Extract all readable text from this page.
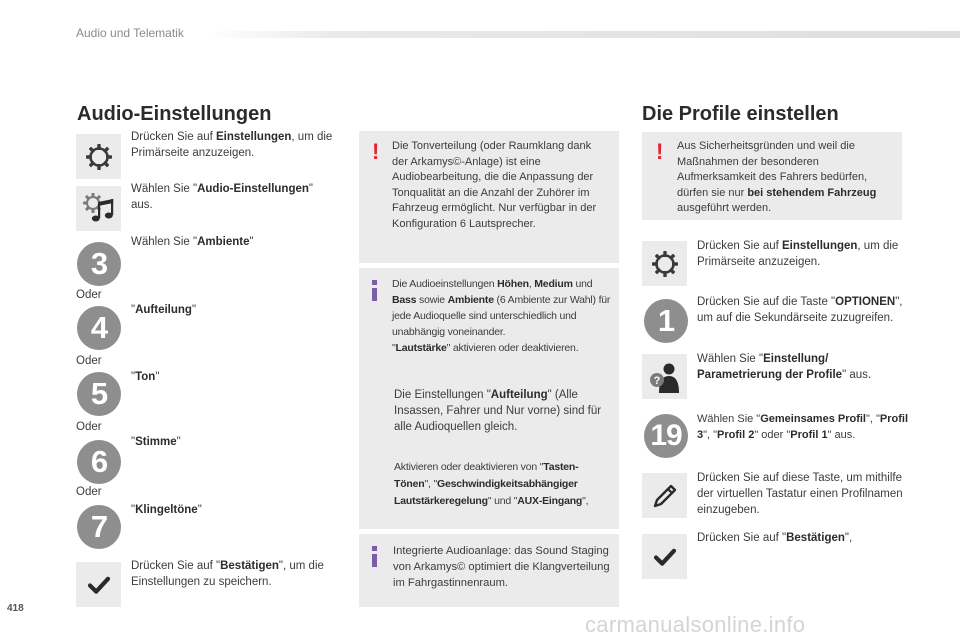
Audio und Telematik
Audio-Einstellungen
Drücken Sie auf Einstellungen, um die Primärseite anzuzeigen.
Wählen Sie "Audio-Einstellungen" aus.
3
Wählen Sie "Ambiente"
Oder
4	"Aufteilung"
Oder
5	"Ton"
Oder
6
"Stimme"
Oder
7	"Klingeltöne"
Drücken Sie auf "Bestätigen", um die Einstellungen zu speichern.
! Die Tonverteilung (oder Raumklang dank der Arkamys©-Anlage) ist eine Audiobearbeitung, die die Anpassung der Tonqualität an die Anzahl der Zuhörer im Fahrzeug ermöglicht. Nur verfügbar in der Konfiguration 6 Lautsprecher.
Die Audioeinstellungen Höhen, Medium und Bass sowie Ambiente (6 Ambiente zur Wahl) für jede Audioquelle sind unterschiedlich und unabhängig voneinander.
"Lautstärke" aktivieren oder deaktivieren.
Die Einstellungen "Aufteilung" (Alle Insassen, Fahrer und Nur vorne) sind für alle Audioquellen gleich.
Aktivieren oder deaktivieren von "Tasten-Tönen", "Geschwindigkeitsabhängiger Lautstärkeregelung" und "AUX-Eingang",
Integrierte Audioanlage: das Sound Staging von Arkamys© optimiert die Klangverteilung im Fahrgastinnenraum.
Die Profile einstellen
! Aus Sicherheitsgründen und weil die Maßnahmen der besonderen Aufmerksamkeit des Fahrers bedürfen, dürfen sie nur bei stehendem Fahrzeug ausgeführt werden.
Drücken Sie auf Einstellungen, um die Primärseite anzuzeigen.
1
Drücken Sie auf die Taste "OPTIONEN", um auf die Sekundärseite zuzugreifen.
?
Wählen Sie "Einstellung/ Parametrierung der Profile" aus.
19	Wählen Sie "Gemeinsames Profil", "Profil 3", "Profil 2" oder "Profil 1" aus.
Drücken Sie auf diese Taste, um mithilfe der virtuellen Tastatur einen Profilnamen einzugeben.
Drücken Sie auf "Bestätigen",
418
carmanualsonline.info
